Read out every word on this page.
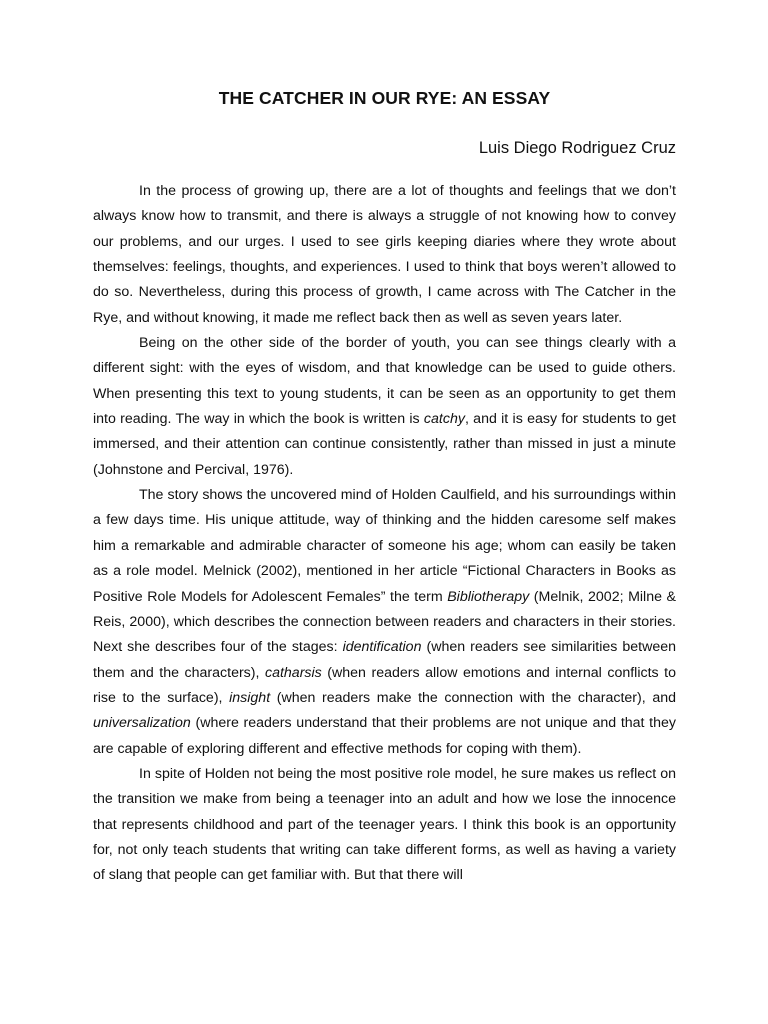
THE CATCHER IN OUR RYE: AN ESSAY

Luis Diego Rodriguez Cruz

In the process of growing up, there are a lot of thoughts and feelings that we don’t always know how to transmit, and there is always a struggle of not knowing how to convey our problems, and our urges. I used to see girls keeping diaries where they wrote about themselves: feelings, thoughts, and experiences. I used to think that boys weren’t allowed to do so. Nevertheless, during this process of growth, I came across with The Catcher in the Rye, and without knowing, it made me reflect back then as well as seven years later.

Being on the other side of the border of youth, you can see things clearly with a different sight: with the eyes of wisdom, and that knowledge can be used to guide others. When presenting this text to young students, it can be seen as an opportunity to get them into reading. The way in which the book is written is catchy, and it is easy for students to get immersed, and their attention can continue consistently, rather than missed in just a minute (Johnstone and Percival, 1976).

The story shows the uncovered mind of Holden Caulfield, and his surroundings within a few days time. His unique attitude, way of thinking and the hidden caresome self makes him a remarkable and admirable character of someone his age; whom can easily be taken as a role model. Melnick (2002), mentioned in her article “Fictional Characters in Books as Positive Role Models for Adolescent Females” the term Bibliotherapy (Melnik, 2002; Milne & Reis, 2000), which describes the connection between readers and characters in their stories. Next she describes four of the stages: identification (when readers see similarities between them and the characters), catharsis (when readers allow emotions and internal conflicts to rise to the surface), insight (when readers make the connection with the character), and universalization (where readers understand that their problems are not unique and that they are capable of exploring different and effective methods for coping with them).

In spite of Holden not being the most positive role model, he sure makes us reflect on the transition we make from being a teenager into an adult and how we lose the innocence that represents childhood and part of the teenager years. I think this book is an opportunity for, not only teach students that writing can take different forms, as well as having a variety of slang that people can get familiar with. But that there will
